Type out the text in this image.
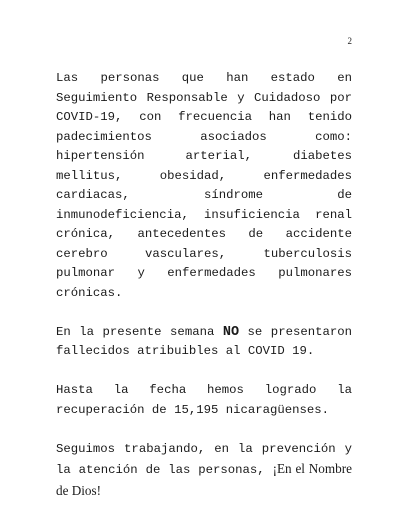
2

Las personas que han estado en Seguimiento Responsable y Cuidadoso por COVID-19, con frecuencia han tenido padecimientos asociados como: hipertensión arterial, diabetes mellitus, obesidad, enfermedades cardiacas, síndrome de inmunodeficiencia, insuficiencia renal crónica, antecedentes de accidente cerebro vasculares, tuberculosis pulmonar y enfermedades pulmonares crónicas.

En la presente semana NO se presentaron fallecidos atribuibles al COVID 19.

Hasta la fecha hemos logrado la recuperación de 15,195 nicaragüenses.

Seguimos trabajando, en la prevención y la atención de las personas, ¡En el Nombre de Dios!
